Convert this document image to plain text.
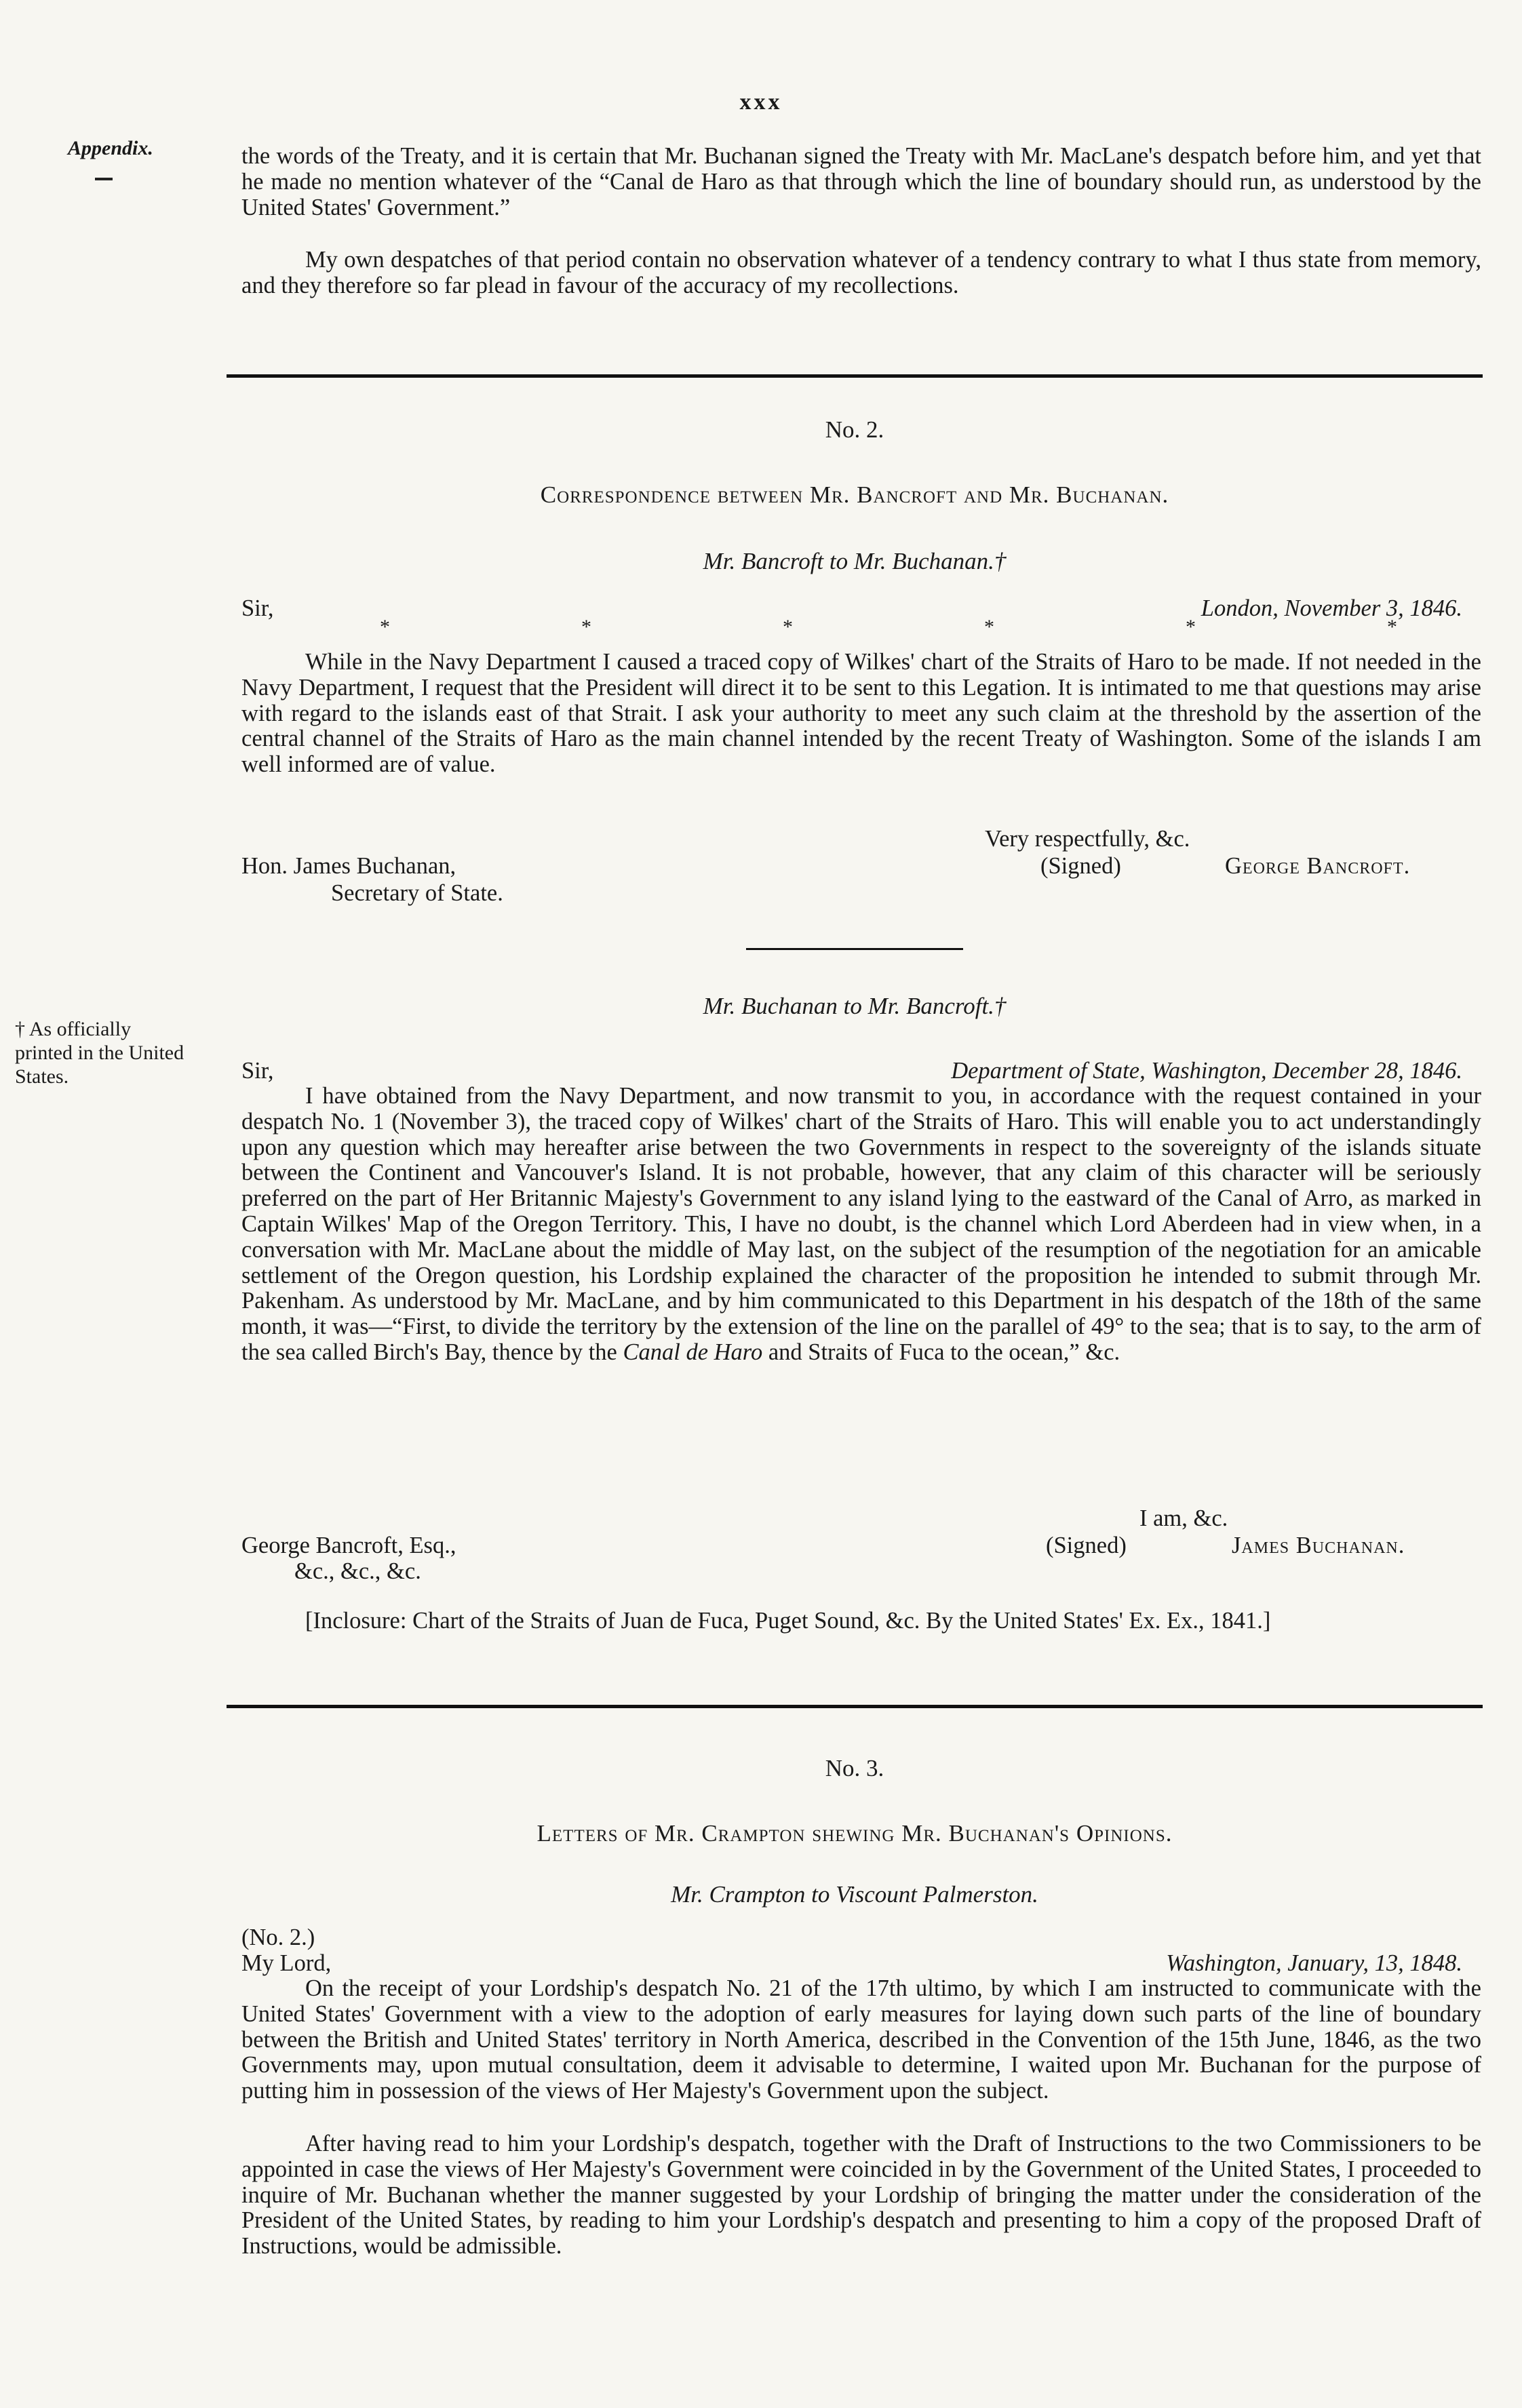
xxx
Appendix.
† As officially printed in the United States.
the words of the Treaty, and it is certain that Mr. Buchanan signed the Treaty with Mr. MacLane's despatch before him, and yet that he made no mention whatever of the “Canal de Haro as that through which the line of boundary should run, as understood by the United States' Government.”
My own despatches of that period contain no observation whatever of a tendency contrary to what I thus state from memory, and they therefore so far plead in favour of the accuracy of my recollections.
No. 2.
Correspondence between Mr. Bancroft and Mr. Buchanan.
Mr. Bancroft to Mr. Buchanan.†
Sir,	London, November 3, 1846.
*	*	*	*	*	*
While in the Navy Department I caused a traced copy of Wilkes' chart of the Straits of Haro to be made. If not needed in the Navy Department, I request that the President will direct it to be sent to this Legation. It is intimated to me that questions may arise with regard to the islands east of that Strait. I ask your authority to meet any such claim at the threshold by the assertion of the central channel of the Straits of Haro as the main channel intended by the recent Treaty of Washington. Some of the islands I am well informed are of value.
Very respectfully, &c.
Hon. James Buchanan,	(Signed)	George Bancroft.
Secretary of State.
Mr. Buchanan to Mr. Bancroft.†
Sir,	Department of State, Washington, December 28, 1846.
I have obtained from the Navy Department, and now transmit to you, in accordance with the request contained in your despatch No. 1 (November 3), the traced copy of Wilkes' chart of the Straits of Haro. This will enable you to act understandingly upon any question which may hereafter arise between the two Governments in respect to the sovereignty of the islands situate between the Continent and Vancouver's Island. It is not probable, however, that any claim of this character will be seriously preferred on the part of Her Britannic Majesty's Government to any island lying to the eastward of the Canal of Arro, as marked in Captain Wilkes' Map of the Oregon Territory. This, I have no doubt, is the channel which Lord Aberdeen had in view when, in a conversation with Mr. MacLane about the middle of May last, on the subject of the resumption of the negotiation for an amicable settlement of the Oregon question, his Lordship explained the character of the proposition he intended to submit through Mr. Pakenham. As understood by Mr. MacLane, and by him communicated to this Department in his despatch of the 18th of the same month, it was—“First, to divide the territory by the extension of the line on the parallel of 49° to the sea; that is to say, to the arm of the sea called Birch's Bay, thence by the Canal de Haro and Straits of Fuca to the ocean,” &c.
I am, &c.
George Bancroft, Esq.,	(Signed)	James Buchanan.
&c., &c., &c.
[Inclosure: Chart of the Straits of Juan de Fuca, Puget Sound, &c. By the United States' Ex. Ex., 1841.]
No. 3.
Letters of Mr. Crampton shewing Mr. Buchanan's Opinions.
Mr. Crampton to Viscount Palmerston.
(No. 2.)
My Lord,	Washington, January, 13, 1848.
On the receipt of your Lordship's despatch No. 21 of the 17th ultimo, by which I am instructed to communicate with the United States' Government with a view to the adoption of early measures for laying down such parts of the line of boundary between the British and United States' territory in North America, described in the Convention of the 15th June, 1846, as the two Governments may, upon mutual consultation, deem it advisable to determine, I waited upon Mr. Buchanan for the purpose of putting him in possession of the views of Her Majesty's Government upon the subject.
After having read to him your Lordship's despatch, together with the Draft of Instructions to the two Commissioners to be appointed in case the views of Her Majesty's Government were coincided in by the Government of the United States, I proceeded to inquire of Mr. Buchanan whether the manner suggested by your Lordship of bringing the matter under the consideration of the President of the United States, by reading to him your Lordship's despatch and presenting to him a copy of the proposed Draft of Instructions, would be admissible.
